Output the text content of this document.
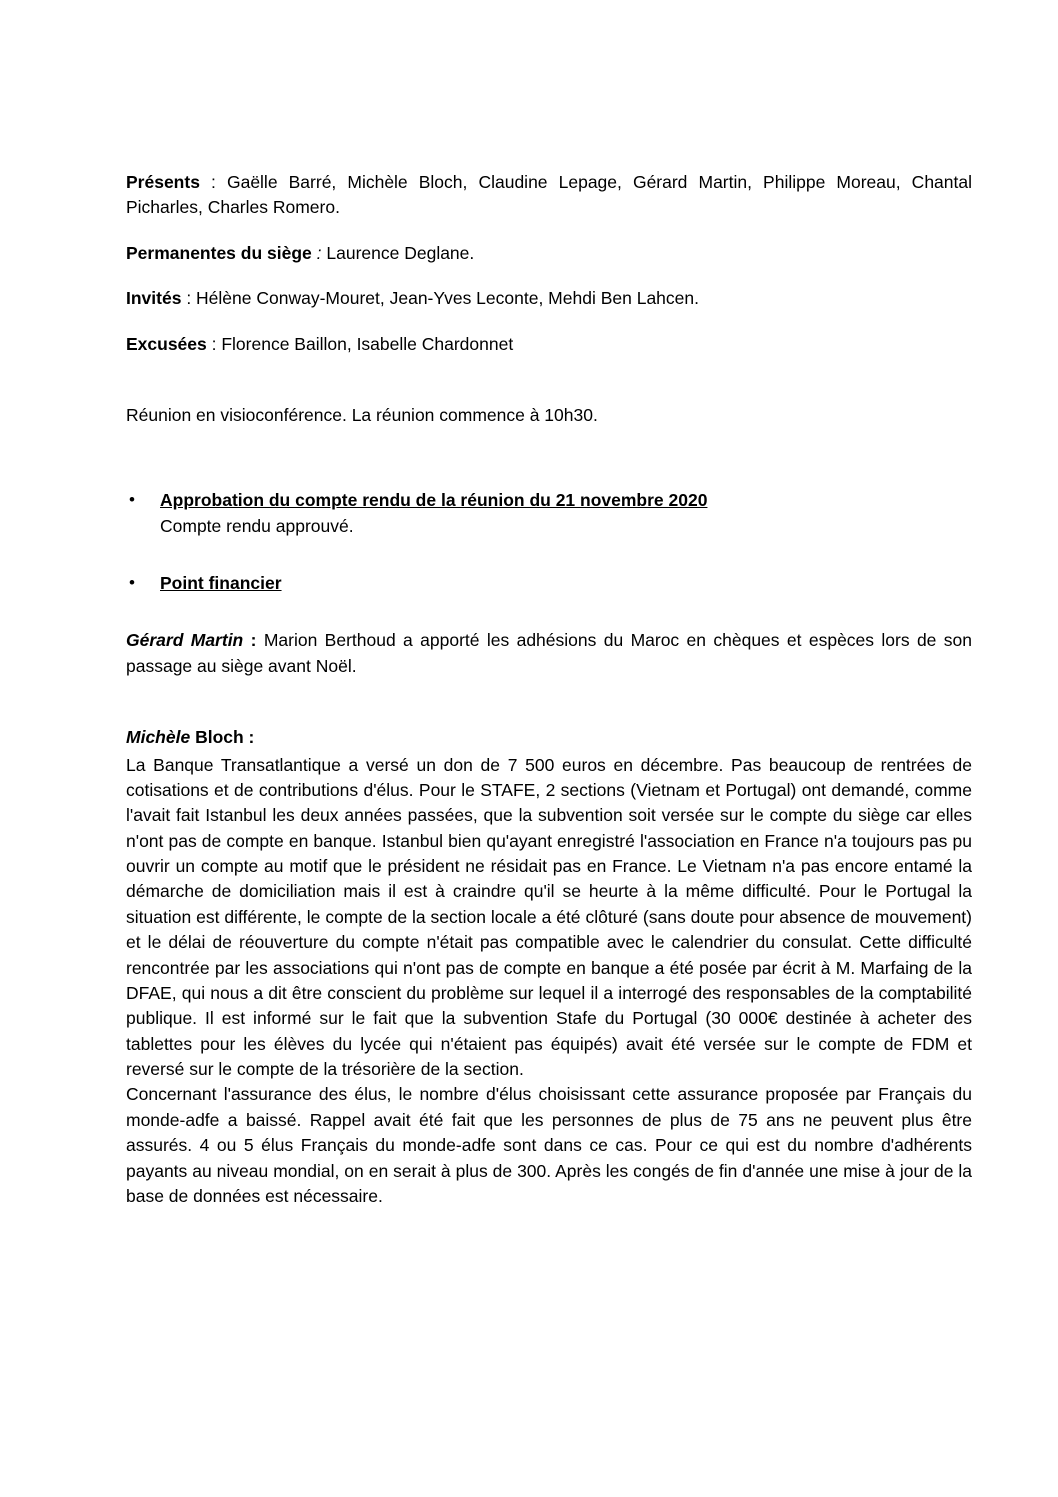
Présents : Gaëlle Barré, Michèle Bloch, Claudine Lepage, Gérard Martin, Philippe Moreau, Chantal Picharles, Charles Romero.

Permanentes du siège : Laurence Deglane.

Invités : Hélène Conway-Mouret, Jean-Yves Leconte, Mehdi Ben Lahcen.

Excusées : Florence Baillon, Isabelle Chardonnet

Réunion en visioconférence. La réunion commence à 10h30.

•	Approbation du compte rendu de la réunion du 21 novembre 2020
Compte rendu approuvé.
•	Point financier

Gérard Martin : Marion Berthoud a apporté les adhésions du Maroc en chèques et espèces lors de son passage au siège avant Noël.

Michèle Bloch :

La Banque Transatlantique a versé un don de 7 500 euros en décembre. Pas beaucoup de rentrées de cotisations et de contributions d'élus. Pour le STAFE, 2 sections (Vietnam et Portugal) ont demandé, comme l'avait fait Istanbul les deux années passées, que la subvention soit versée sur le compte du siège car elles n'ont pas de compte en banque. Istanbul bien qu'ayant enregistré l'association en France n'a toujours pas pu ouvrir un compte au motif que le président ne résidait pas en France. Le Vietnam n'a pas encore entamé la démarche de domiciliation mais il est à craindre qu'il se heurte à la même difficulté. Pour le Portugal la situation est différente, le compte de la section locale a été clôturé (sans doute pour absence de mouvement) et le délai de réouverture du compte n'était pas compatible avec le calendrier du consulat. Cette difficulté rencontrée par les associations qui n'ont pas de compte en banque a été posée par écrit à M. Marfaing de la DFAE, qui nous a dit être conscient du problème sur lequel il a interrogé des responsables de la comptabilité publique. Il est informé sur le fait que la subvention Stafe du Portugal (30 000€ destinée à acheter des tablettes pour les élèves du lycée qui n'étaient pas équipés) avait été versée sur le compte de FDM et reversé sur le compte de la trésorière de la section.

Concernant l'assurance des élus, le nombre d'élus choisissant cette assurance proposée par Français du monde-adfe a baissé. Rappel avait été fait que les personnes de plus de 75 ans ne peuvent plus être assurés. 4 ou 5 élus Français du monde-adfe sont dans ce cas. Pour ce qui est du nombre d'adhérents payants au niveau mondial, on en serait à plus de 300. Après les congés de fin d'année une mise à jour de la base de données est nécessaire.
